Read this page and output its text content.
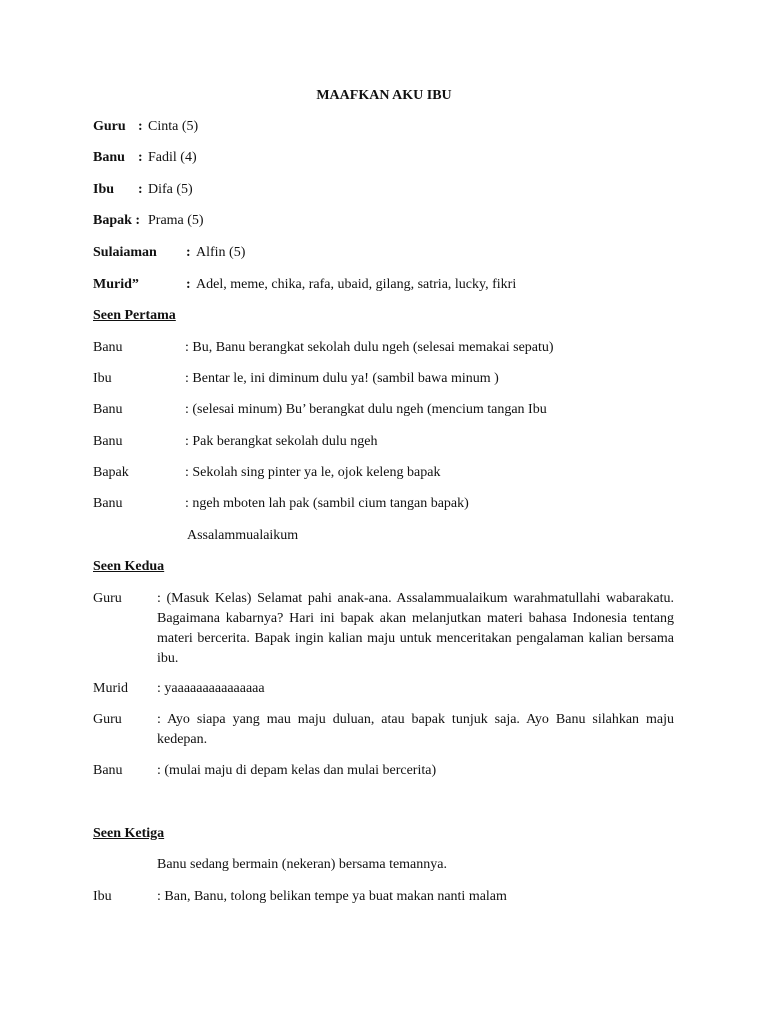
MAAFKAN AKU IBU
Guru : Cinta (5)
Banu : Fadil (4)
Ibu : Difa (5)
Bapak : Prama (5)
Sulaiaman : Alfin (5)
Murid”	: Adel, meme, chika, rafa, ubaid, gilang, satria, lucky, fikri
Seen Pertama
Banu	: Bu, Banu berangkat sekolah dulu ngeh (selesai memakai sepatu)
Ibu	: Bentar le, ini diminum dulu ya! (sambil bawa minum )
Banu	: (selesai minum) Bu’ berangkat dulu ngeh (mencium tangan Ibu
Banu	: Pak berangkat sekolah dulu ngeh
Bapak	: Sekolah sing pinter ya le, ojok keleng bapak
Banu	: ngeh mboten lah pak (sambil cium tangan bapak)
Assalammualaikum
Seen Kedua
Guru	: (Masuk Kelas) Selamat pahi anak-ana. Assalammualaikum warahmatullahi wabarakatu. Bagaimana kabarnya? Hari ini bapak akan melanjutkan materi bahasa Indonesia tentang materi bercerita. Bapak ingin kalian maju untuk menceritakan pengalaman kalian bersama ibu.
Murid : yaaaaaaaaaaaaaaa
Guru	: Ayo siapa yang mau maju duluan, atau bapak tunjuk saja. Ayo Banu silahkan maju kedepan.
Banu : (mulai maju di depam kelas dan mulai bercerita)
Seen Ketiga
Banu sedang bermain (nekeran) bersama temannya.
Ibu	: Ban, Banu, tolong belikan tempe ya buat makan nanti malam
